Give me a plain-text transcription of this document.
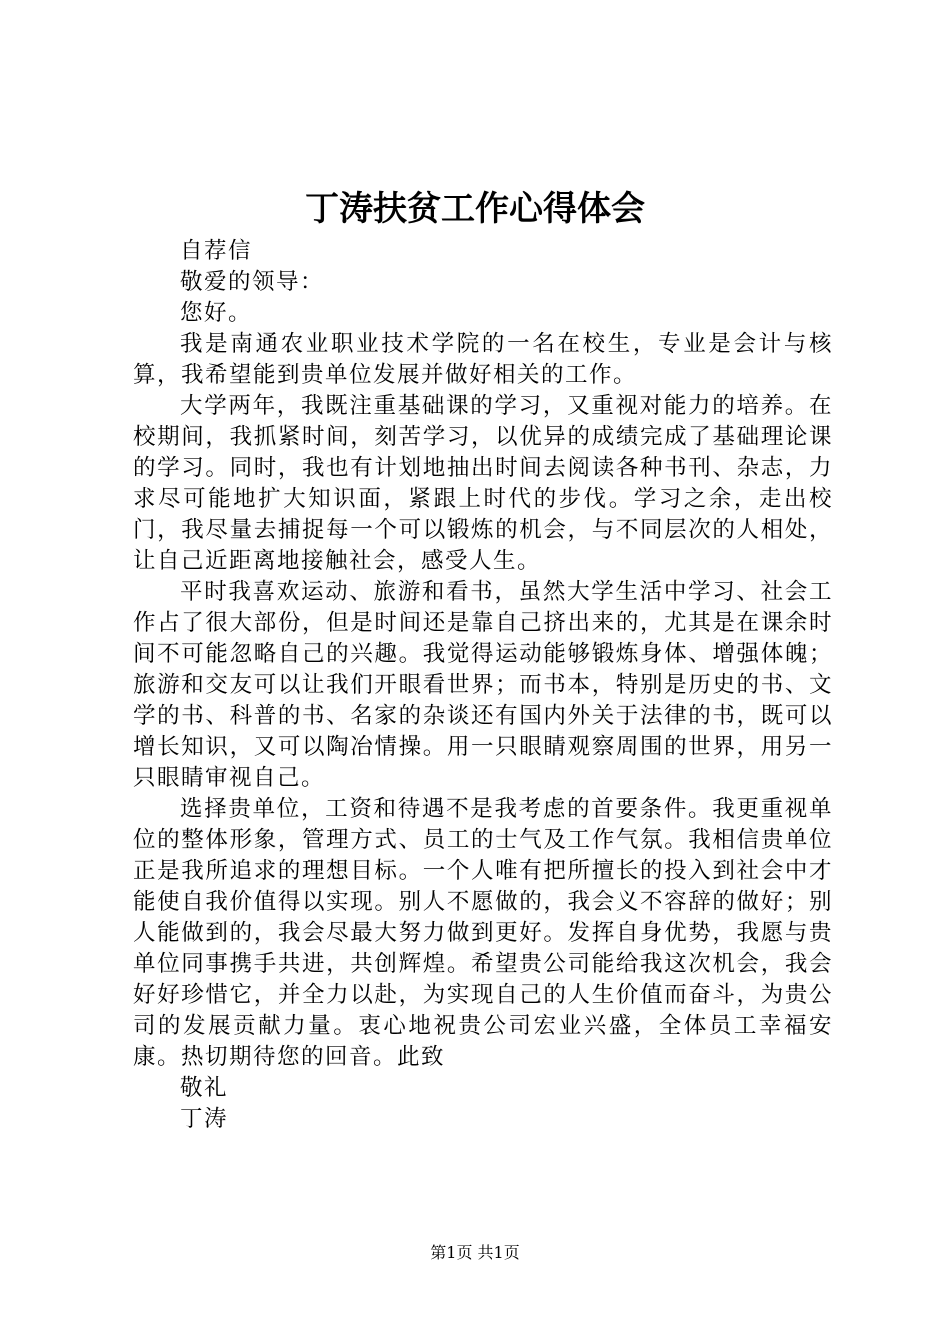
丁涛扶贫工作心得体会

自荐信

敬爱的领导：

您好。

我是南通农业职业技术学院的一名在校生，专业是会计与核算，我希望能到贵单位发展并做好相关的工作。

大学两年，我既注重基础课的学习，又重视对能力的培养。在校期间，我抓紧时间，刻苦学习，以优异的成绩完成了基础理论课的学习。同时，我也有计划地抽出时间去阅读各种书刊、杂志，力求尽可能地扩大知识面，紧跟上时代的步伐。学习之余，走出校门，我尽量去捕捉每一个可以锻炼的机会，与不同层次的人相处，让自己近距离地接触社会，感受人生。

平时我喜欢运动、旅游和看书，虽然大学生活中学习、社会工作占了很大部份，但是时间还是靠自己挤出来的，尤其是在课余时间不可能忽略自己的兴趣。我觉得运动能够锻炼身体、增强体魄；旅游和交友可以让我们开眼看世界；而书本，特别是历史的书、文学的书、科普的书、名家的杂谈还有国内外关于法律的书，既可以增长知识，又可以陶冶情操。用一只眼睛观察周围的世界，用另一只眼睛审视自己。

选择贵单位，工资和待遇不是我考虑的首要条件。我更重视单位的整体形象，管理方式、员工的士气及工作气氛。我相信贵单位正是我所追求的理想目标。一个人唯有把所擅长的投入到社会中才能使自我价值得以实现。别人不愿做的，我会义不容辞的做好；别人能做到的，我会尽最大努力做到更好。发挥自身优势，我愿与贵单位同事携手共进，共创辉煌。希望贵公司能给我这次机会，我会好好珍惜它，并全力以赴，为实现自己的人生价值而奋斗，为贵公司的发展贡献力量。衷心地祝贵公司宏业兴盛，全体员工幸福安康。热切期待您的回音。此致

敬礼

丁涛

第1页 共1页
